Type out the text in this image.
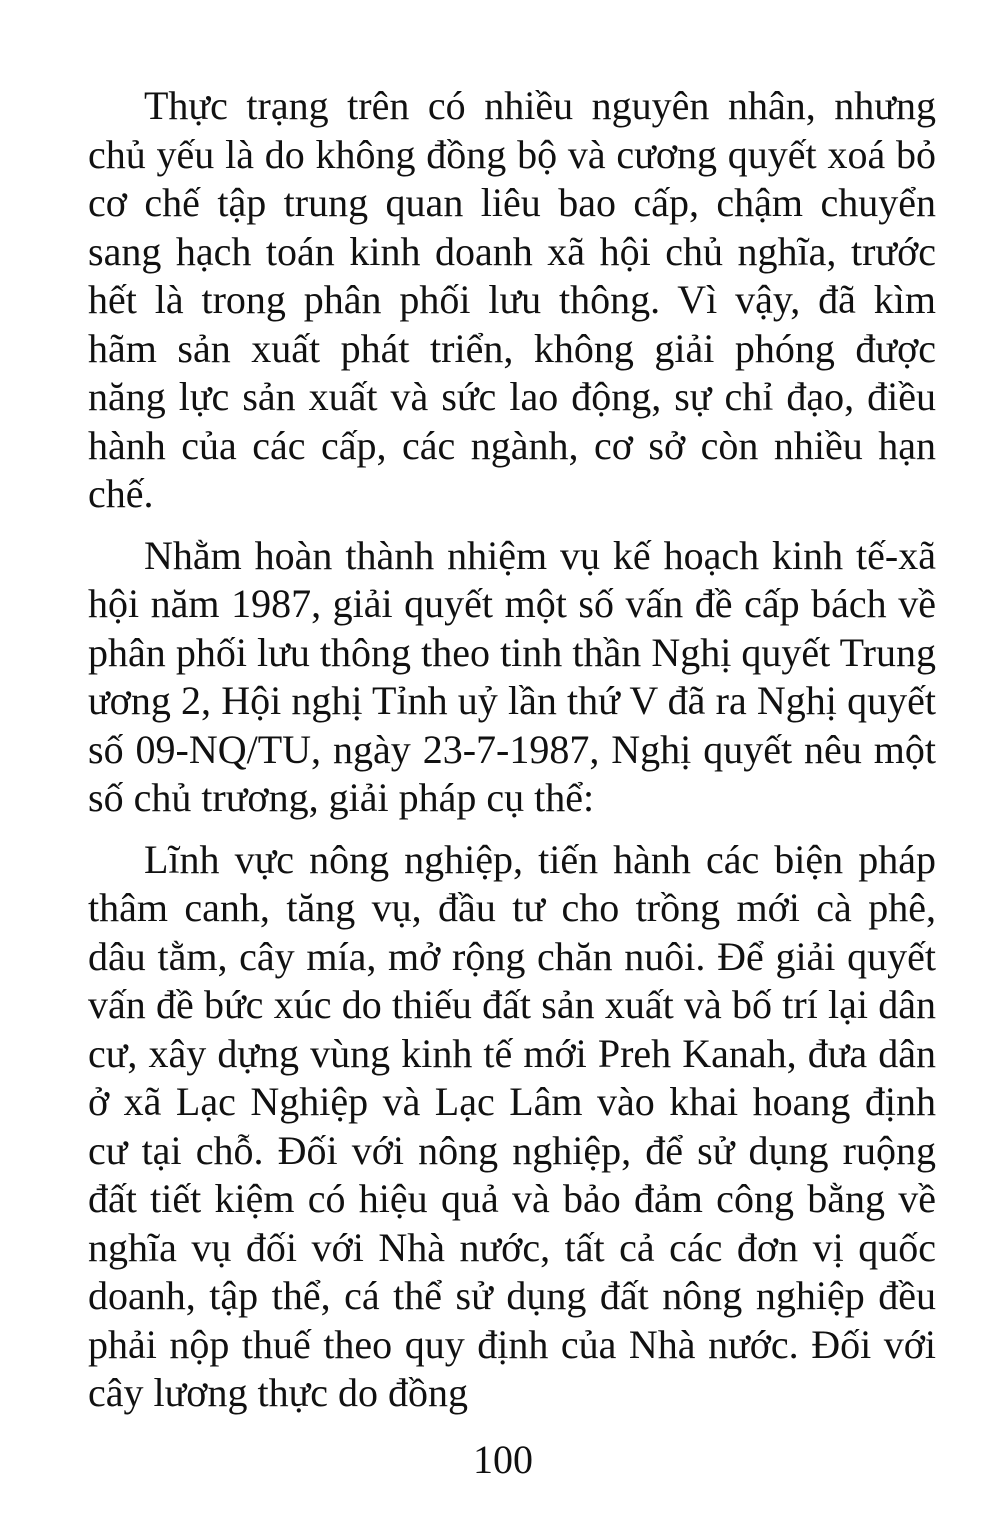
Thực trạng trên có nhiều nguyên nhân, nhưng chủ yếu là do không đồng bộ và cương quyết xoá bỏ cơ chế tập trung quan liêu bao cấp, chậm chuyển sang hạch toán kinh doanh xã hội chủ nghĩa, trước hết là trong phân phối lưu thông. Vì vậy, đã kìm hãm sản xuất phát triển, không giải phóng được năng lực sản xuất và sức lao động, sự chỉ đạo, điều hành của các cấp, các ngành, cơ sở còn nhiều hạn chế.

Nhằm hoàn thành nhiệm vụ kế hoạch kinh tế-xã hội năm 1987, giải quyết một số vấn đề cấp bách về phân phối lưu thông theo tinh thần Nghị quyết Trung ương 2, Hội nghị Tỉnh uỷ lần thứ V đã ra Nghị quyết số 09-NQ/TU, ngày 23-7-1987, Nghị quyết nêu một số chủ trương, giải pháp cụ thể:

Lĩnh vực nông nghiệp, tiến hành các biện pháp thâm canh, tăng vụ, đầu tư cho trồng mới cà phê, dâu tằm, cây mía, mở rộng chăn nuôi. Để giải quyết vấn đề bức xúc do thiếu đất sản xuất và bố trí lại dân cư, xây dựng vùng kinh tế mới Preh Kanah, đưa dân ở xã Lạc Nghiệp và Lạc Lâm vào khai hoang định cư tại chỗ. Đối với nông nghiệp, để sử dụng ruộng đất tiết kiệm có hiệu quả và bảo đảm công bằng về nghĩa vụ đối với Nhà nước, tất cả các đơn vị quốc doanh, tập thể, cá thể sử dụng đất nông nghiệp đều phải nộp thuế theo quy định của Nhà nước. Đối với cây lương thực do đồng

100
